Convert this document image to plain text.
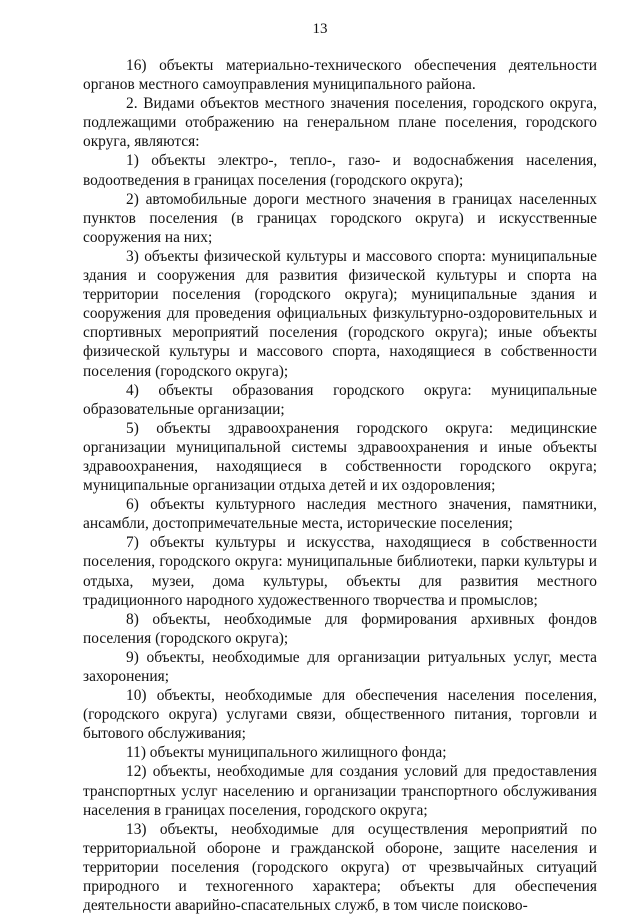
13

16) объекты материально-технического обеспечения деятельности органов местного самоуправления муниципального района.

2. Видами объектов местного значения поселения, городского округа, подлежащими отображению на генеральном плане поселения, городского округа, являются:

1) объекты электро-, тепло-, газо- и водоснабжения населения, водоотведения в границах поселения (городского округа);

2) автомобильные дороги местного значения в границах населенных пунктов поселения (в границах городского округа) и искусственные сооружения на них;

3) объекты физической культуры и массового спорта: муниципальные здания и сооружения для развития физической культуры и спорта на территории поселения (городского округа); муниципальные здания и сооружения для проведения официальных физкультурно-оздоровительных и спортивных мероприятий поселения (городского округа); иные объекты физической культуры и массового спорта, находящиеся в собственности поселения (городского округа);

4) объекты образования городского округа: муниципальные образовательные организации;

5) объекты здравоохранения городского округа: медицинские организации муниципальной системы здравоохранения и иные объекты здравоохранения, находящиеся в собственности городского округа; муниципальные организации отдыха детей и их оздоровления;

6) объекты культурного наследия местного значения, памятники, ансамбли, достопримечательные места, исторические поселения;

7) объекты культуры и искусства, находящиеся в собственности поселения, городского округа: муниципальные библиотеки, парки культуры и отдыха, музеи, дома культуры, объекты для развития местного традиционного народного художественного творчества и промыслов;

8) объекты, необходимые для формирования архивных фондов поселения (городского округа);

9) объекты, необходимые для организации ритуальных услуг, места захоронения;

10) объекты, необходимые для обеспечения населения поселения, (городского округа) услугами связи, общественного питания, торговли и бытового обслуживания;

11) объекты муниципального жилищного фонда;

12) объекты, необходимые для создания условий для предоставления транспортных услуг населению и организации транспортного обслуживания населения в границах поселения, городского округа;

13) объекты, необходимые для осуществления мероприятий по территориальной обороне и гражданской обороне, защите населения и территории поселения (городского округа) от чрезвычайных ситуаций природного и техногенного характера; объекты для обеспечения деятельности аварийно-спасательных служб, в том числе поисково-
